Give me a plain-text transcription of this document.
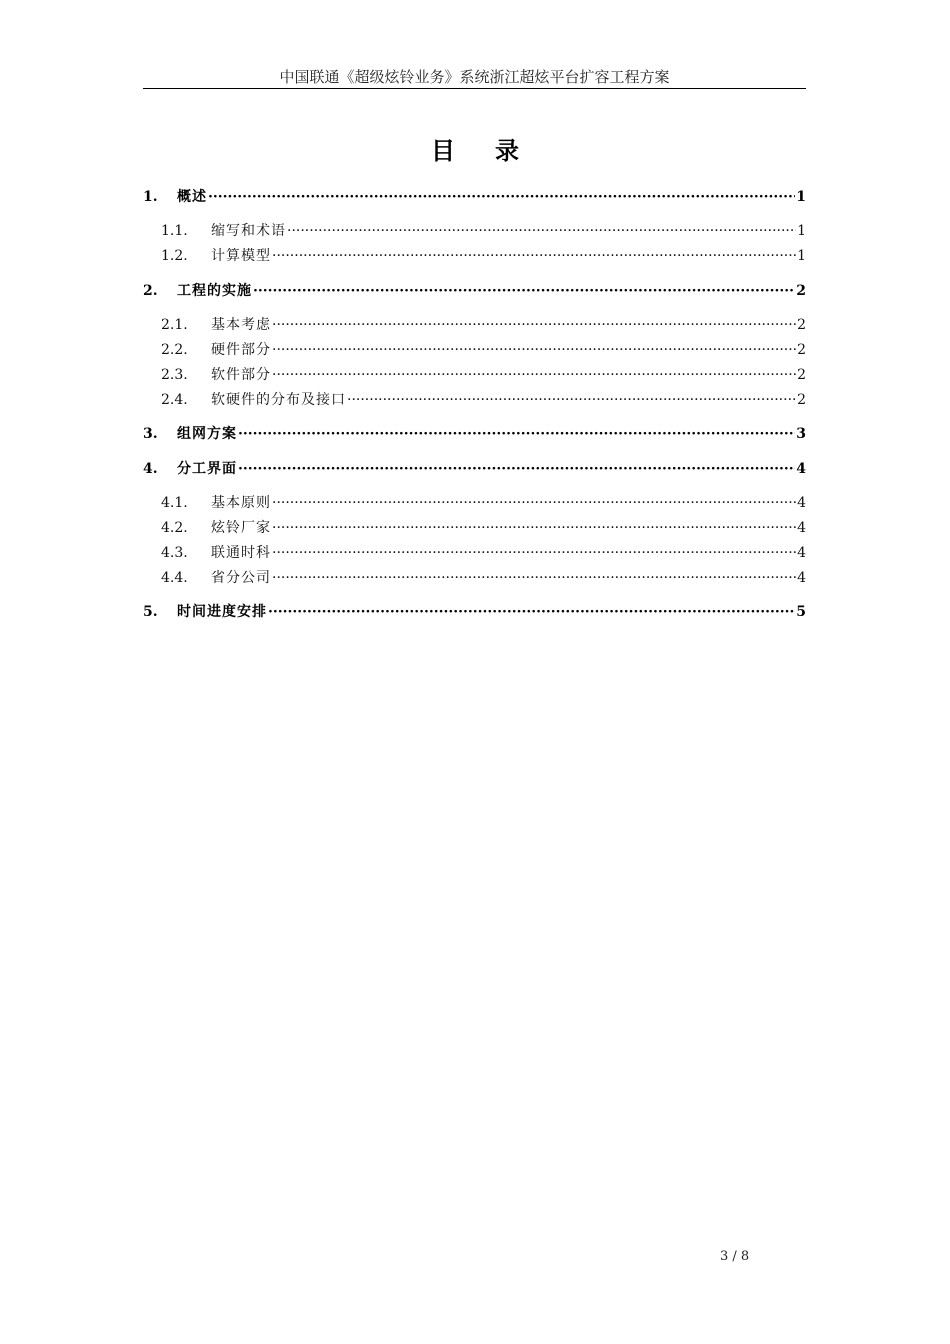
中国联通《超级炫铃业务》系统浙江超炫平台扩容工程方案
目录
1.	概述 ·····	1
1.1.	缩写和术语 ·····	1
1.2.	计算模型 ·····	1
2.	工程的实施 ·····	2
2.1.	基本考虑 ·····	2
2.2.	硬件部分 ·····	2
2.3.	软件部分 ·····	2
2.4.	软硬件的分布及接口 ·····	2
3.	组网方案 ·····	3
4.	分工界面 ·····	4
4.1.	基本原则 ·····	4
4.2.	炫铃厂家 ·····	4
4.3.	联通时科 ·····	4
4.4.	省分公司 ·····	4
5.	时间进度安排 ·····	5
3 / 8
